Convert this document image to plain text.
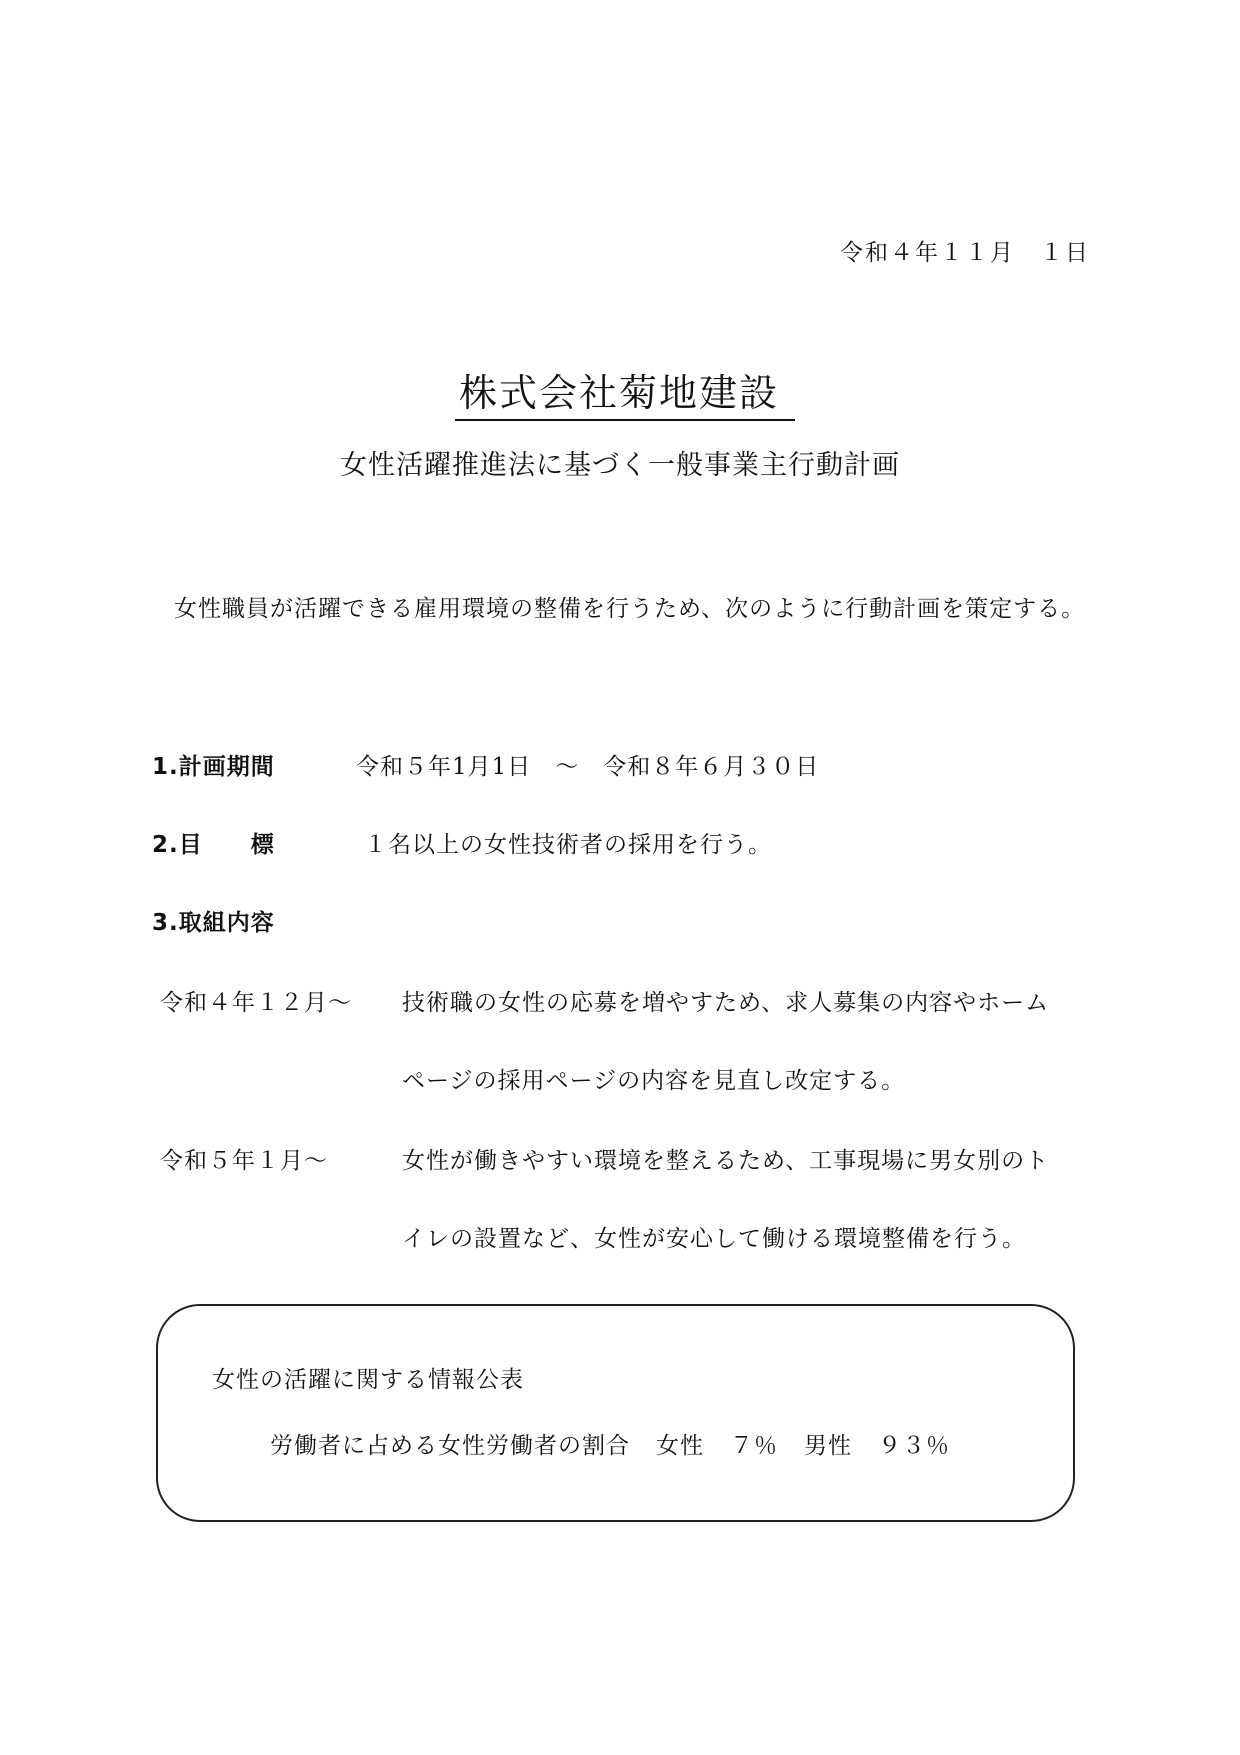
令和４年１１月　１日
株式会社菊地建設
女性活躍推進法に基づく一般事業主行動計画
女性職員が活躍できる雇用環境の整備を行うため、次のように行動計画を策定する。
1.計画期間	令和５年1月1日　～　令和８年６月３０日
2.目　　標	１名以上の女性技術者の採用を行う。
3.取組内容
令和４年１２月～ 技術職の女性の応募を増やすため、求人募集の内容やホーム
ページの採用ページの内容を見直し改定する。
令和５年１月～	女性が働きやすい環境を整えるため、工事現場に男女別のト
イレの設置など、女性が安心して働ける環境整備を行う。
女性の活躍に関する情報公表
労働者に占める女性労働者の割合 女性 ７％ 男性 ９３％
